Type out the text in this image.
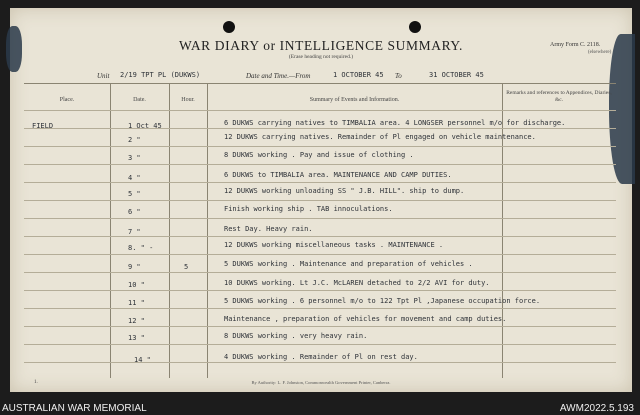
WAR DIARY or INTELLIGENCE SUMMARY.
(Erase heading not required.)
Army Form C. 2118.
(elsewhere)
Unit 2/19 TPT PL (DUKWS)	Date and Time.—From	1 OCTOBER 45 To	31 OCTOBER 45
Place.	Date.	Hour.	Summary of Events and Information.
Remarks and references to Appendices, Diaries, &c.
FIELD	1 Oct 45	6 DUKWS carrying natives to TIMBALIA area. 4 LONGSER personnel m/o for discharge.
2 "	12 DUKWS carrying natives. Remainder of Pl engaged on vehicle maintenance.
3 "	8 DUKWS working . Pay and issue of clothing .
4 "	6 DUKWS to TIMBALIA area. MAINTENANCE AND CAMP DUTIES.
5 "	12 DUKWS working unloading SS " J.B. HILL". ship to dump.
6 "	Finish working ship . TAB innoculations.
7 "	Rest Day. Heavy rain.
8. " -	12 DUKWS working miscellaneous tasks . MAINTENANCE .
9 "	5	5 DUKWS working . Maintenance and preparation of vehicles .
10 "	10 DUKWS working. Lt J.C. McLAREN detached to 2/2 AVI for duty.
11 "	5 DUKWS working . 6 personnel m/o to 122 Tpt Pl ,Japanese occupation force.
12 "	Maintenance , preparation of vehicles for movement and camp duties.
13 "	8 DUKWS working . very heavy rain.
14 "	4 DUKWS working . Remainder of Pl on rest day.
1.	By Authority: L. F. Johnston, Commonwealth Government Printer, Canberra.
AUSTRALIAN WAR MEMORIAL	AWM2022.5.193
